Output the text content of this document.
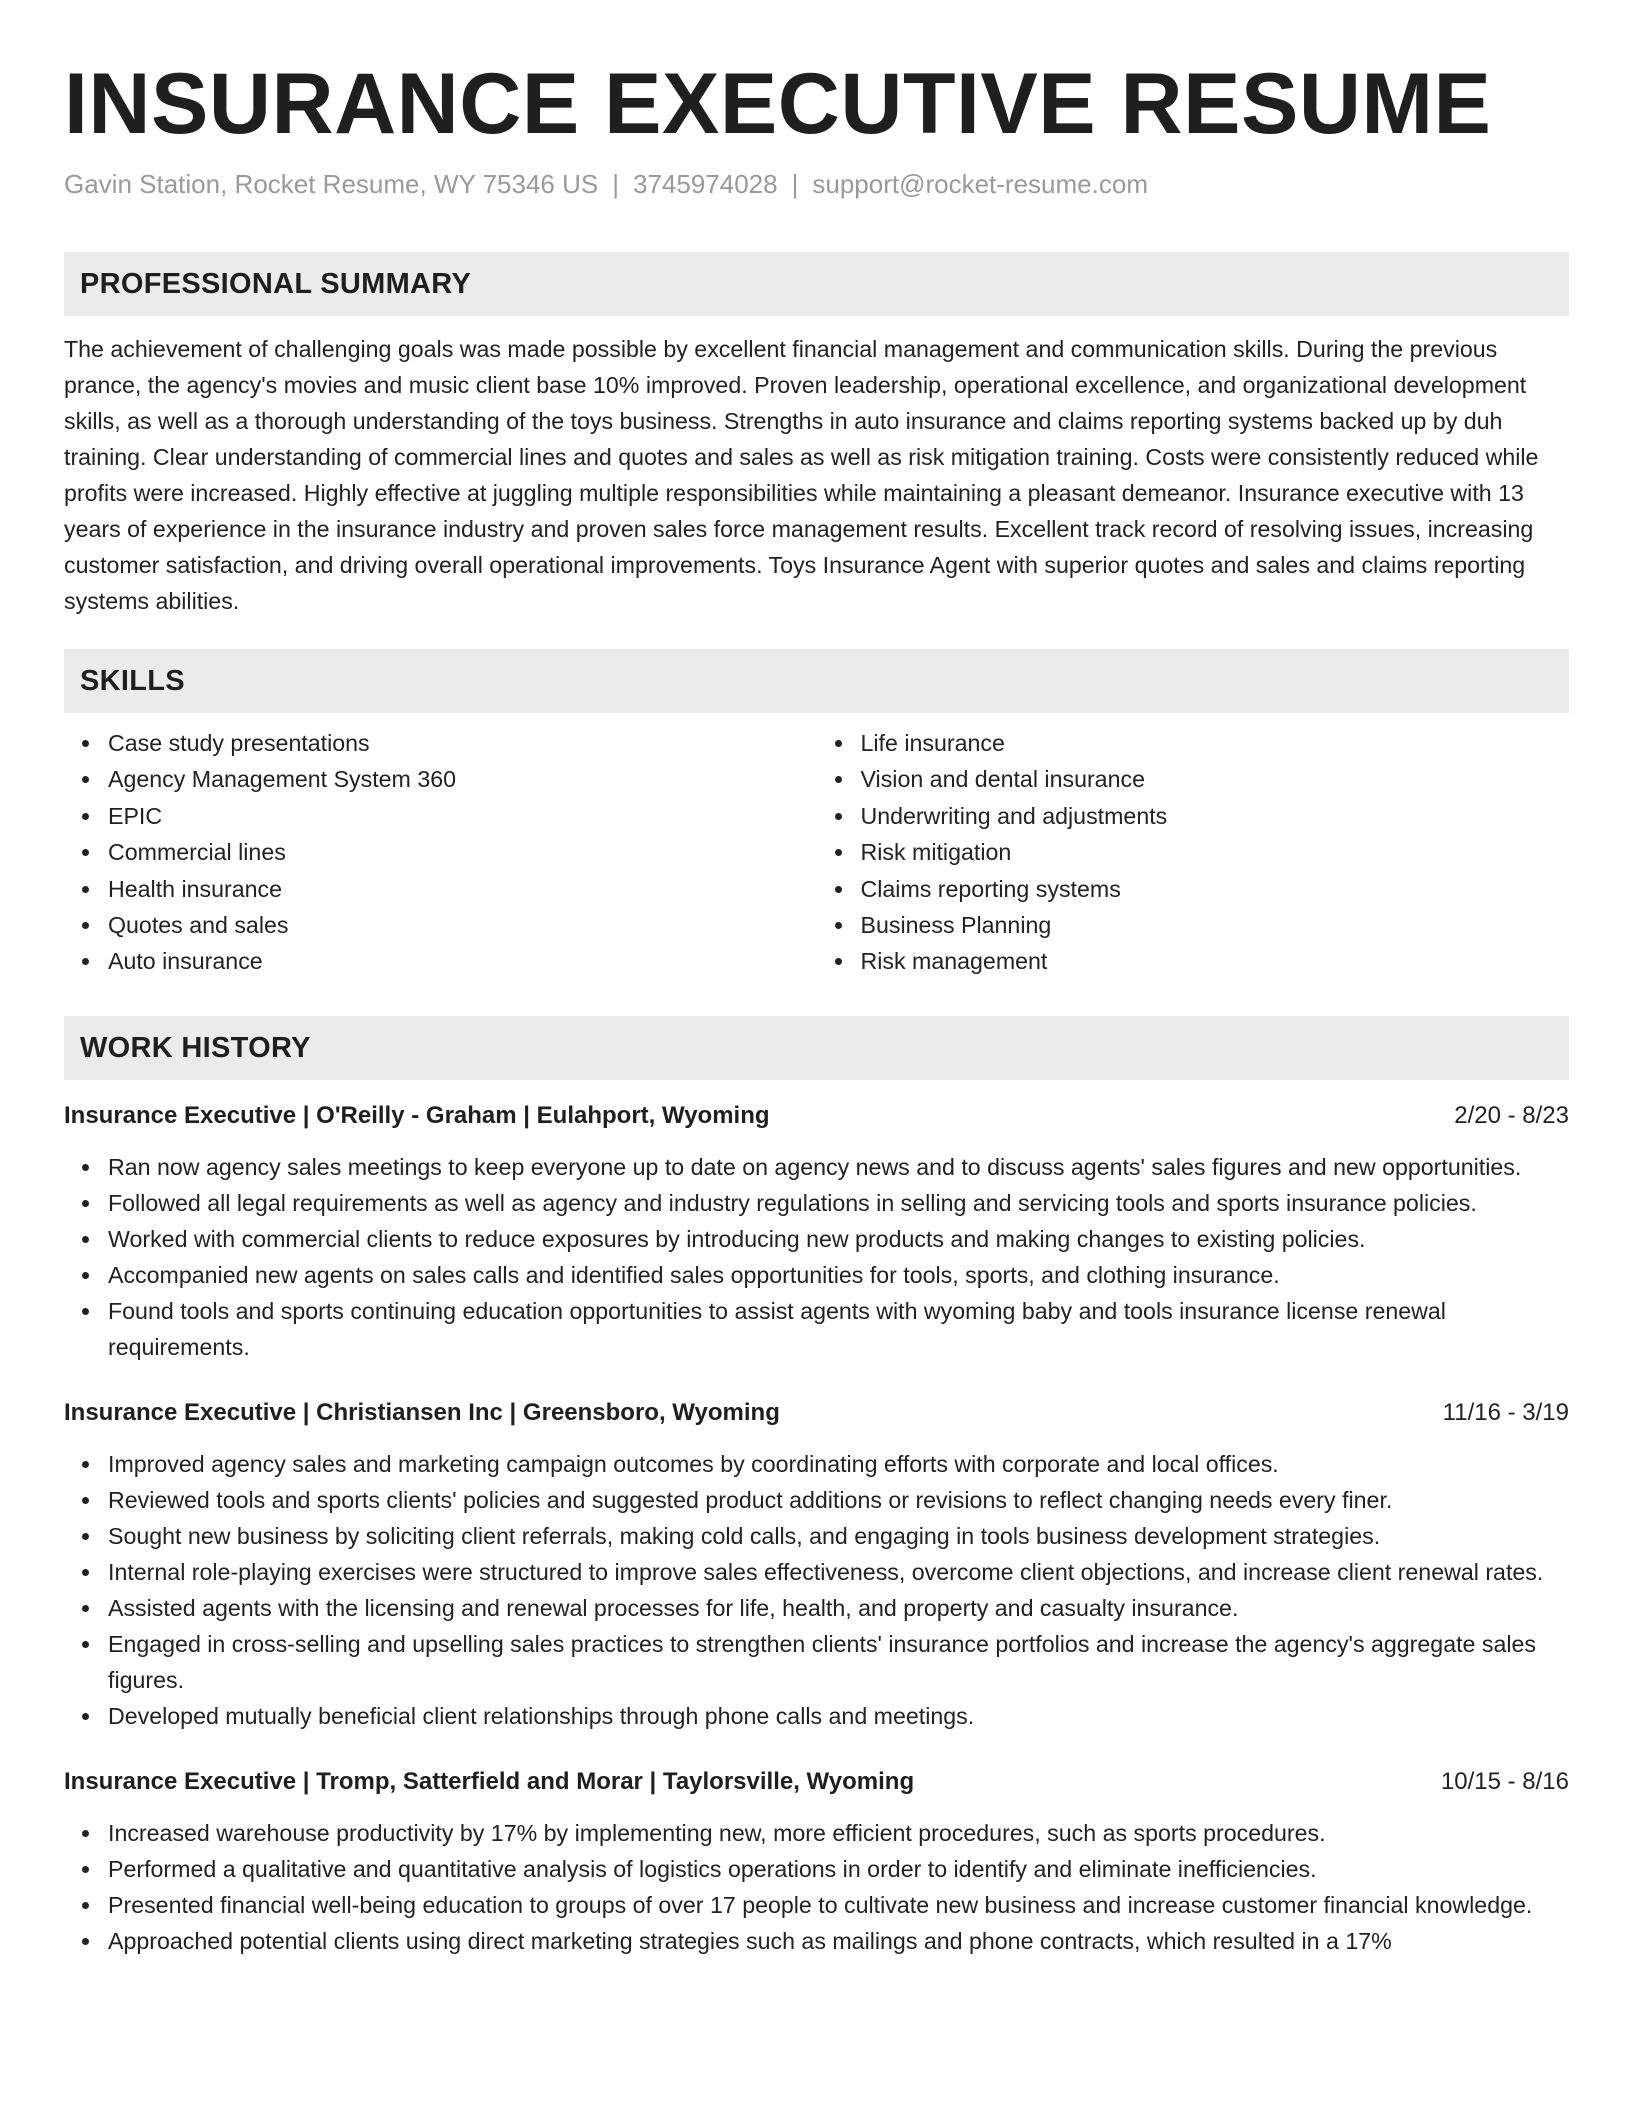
INSURANCE EXECUTIVE RESUME
Gavin Station, Rocket Resume, WY 75346 US | 3745974028 | support@rocket-resume.com
PROFESSIONAL SUMMARY

The achievement of challenging goals was made possible by excellent financial management and communication skills. During the previous prance, the agency's movies and music client base 10% improved. Proven leadership, operational excellence, and organizational development skills, as well as a thorough understanding of the toys business. Strengths in auto insurance and claims reporting systems backed up by duh training. Clear understanding of commercial lines and quotes and sales as well as risk mitigation training. Costs were consistently reduced while profits were increased. Highly effective at juggling multiple responsibilities while maintaining a pleasant demeanor. Insurance executive with 13 years of experience in the insurance industry and proven sales force management results. Excellent track record of resolving issues, increasing customer satisfaction, and driving overall operational improvements. Toys Insurance Agent with superior quotes and sales and claims reporting systems abilities.

SKILLS
Case study presentations
Agency Management System 360
EPIC
Commercial lines
Health insurance
Quotes and sales
Auto insurance
Life insurance
Vision and dental insurance
Underwriting and adjustments
Risk mitigation
Claims reporting systems
Business Planning
Risk management
WORK HISTORY
Insurance Executive | O'Reilly - Graham | Eulahport, Wyoming	2/20 - 8/23
Ran now agency sales meetings to keep everyone up to date on agency news and to discuss agents' sales figures and new opportunities.
Followed all legal requirements as well as agency and industry regulations in selling and servicing tools and sports insurance policies.
Worked with commercial clients to reduce exposures by introducing new products and making changes to existing policies.
Accompanied new agents on sales calls and identified sales opportunities for tools, sports, and clothing insurance.
Found tools and sports continuing education opportunities to assist agents with wyoming baby and tools insurance license renewal requirements.
Insurance Executive | Christiansen Inc | Greensboro, Wyoming	11/16 - 3/19
Improved agency sales and marketing campaign outcomes by coordinating efforts with corporate and local offices.
Reviewed tools and sports clients' policies and suggested product additions or revisions to reflect changing needs every finer.
Sought new business by soliciting client referrals, making cold calls, and engaging in tools business development strategies.
Internal role-playing exercises were structured to improve sales effectiveness, overcome client objections, and increase client renewal rates.
Assisted agents with the licensing and renewal processes for life, health, and property and casualty insurance.
Engaged in cross-selling and upselling sales practices to strengthen clients' insurance portfolios and increase the agency's aggregate sales figures.
Developed mutually beneficial client relationships through phone calls and meetings.
Insurance Executive | Tromp, Satterfield and Morar | Taylorsville, Wyoming	10/15 - 8/16
Increased warehouse productivity by 17% by implementing new, more efficient procedures, such as sports procedures.
Performed a qualitative and quantitative analysis of logistics operations in order to identify and eliminate inefficiencies.
Presented financial well-being education to groups of over 17 people to cultivate new business and increase customer financial knowledge.
Approached potential clients using direct marketing strategies such as mailings and phone contracts, which resulted in a 17%
